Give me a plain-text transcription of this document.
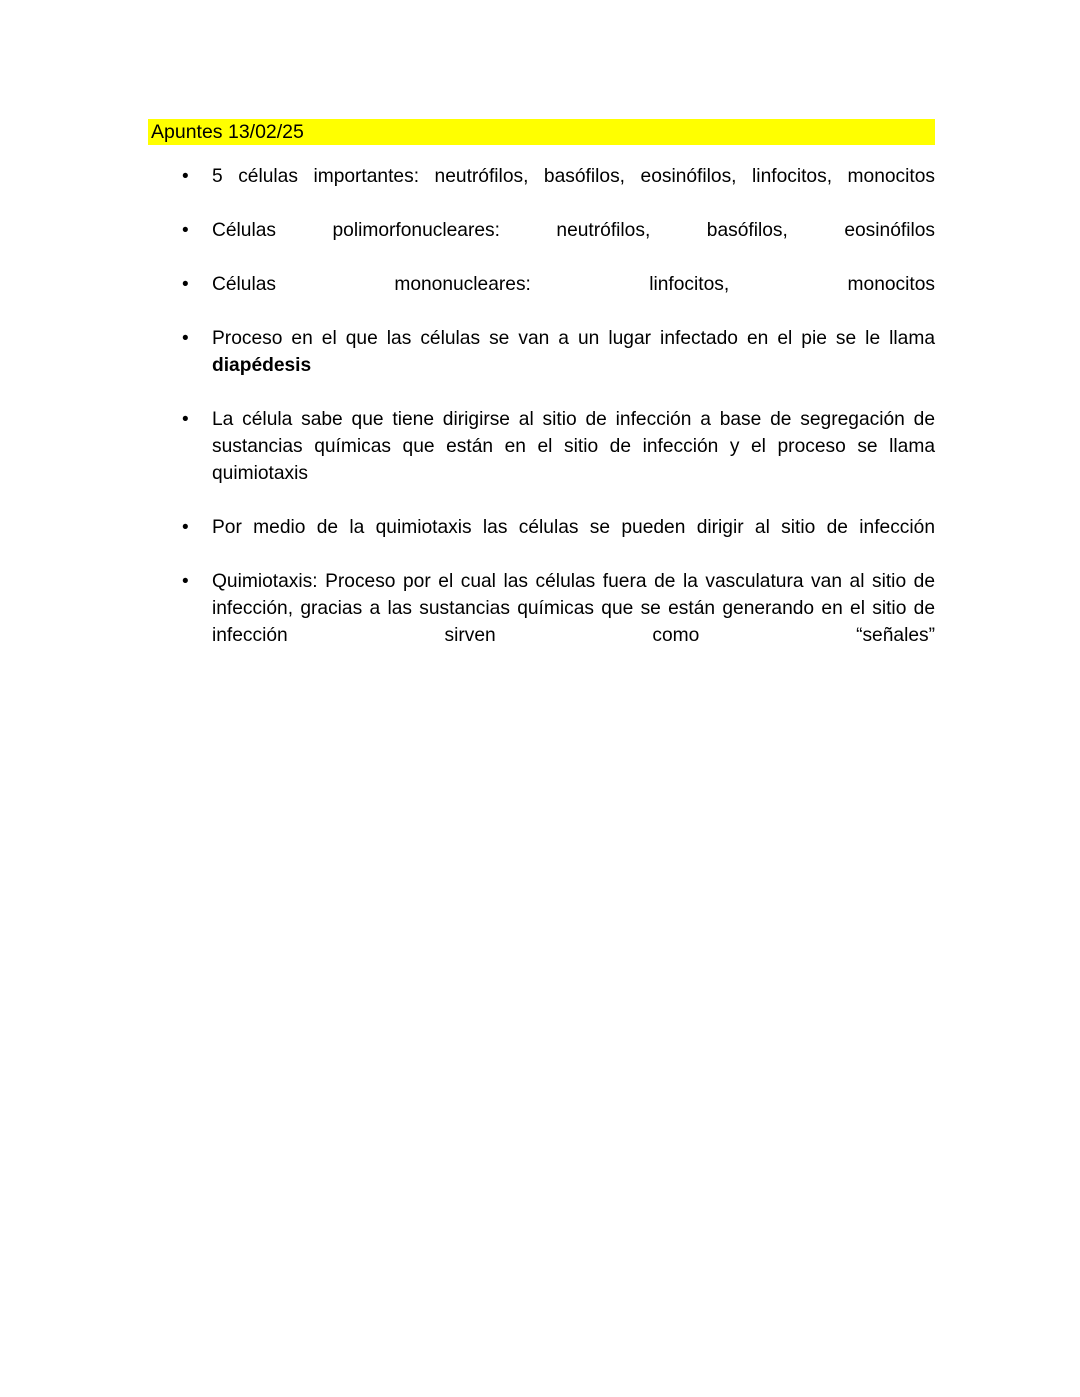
Apuntes 13/02/25
•	5 células importantes: neutrófilos, basófilos, eosinófilos, linfocitos, monocitos
•	Células polimorfonucleares: neutrófilos, basófilos, eosinófilos
•	Células mononucleares: linfocitos, monocitos
•	Proceso en el que las células se van a un lugar infectado en el pie se le llama diapédesis
•	La célula sabe que tiene dirigirse al sitio de infección a base de segregación de sustancias químicas que están en el sitio de infección y el proceso se llama quimiotaxis
•	Por medio de la quimiotaxis las células se pueden dirigir al sitio de infección
•	Quimiotaxis: Proceso por el cual las células fuera de la vasculatura van al sitio de infección, gracias a las sustancias químicas que se están generando en el sitio de infección sirven como “señales”
